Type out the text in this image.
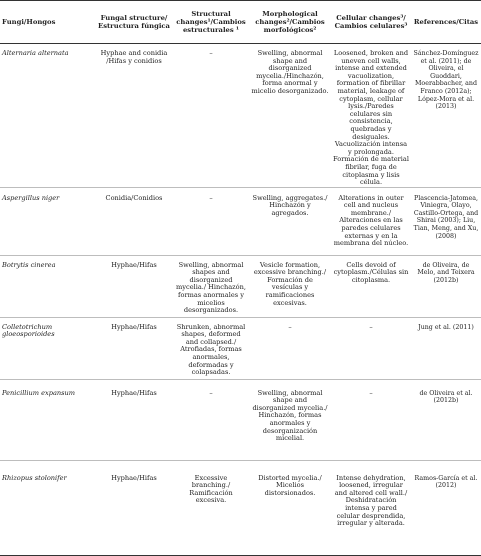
Fungi/Hongos	Fungal structure/ Estructura fúngica	Structural changes¹/Cambios estructurales ¹	Morphological changes²/Cambios morfológicos²	Cellular changes³/ Cambios celulares³	References/Citas
Alternaria alternata	Hyphae and conidia /Hifas y conidios	–	Swelling, abnormal shape and disorganized mycelia./Hinchazón, forma anormal y micelio desorganizado.	Loosened, broken and uneven cell walls, intense and extended vacuolization, formation of fibrillar material, leakage of cytoplasm, cellular lysis./Paredes celulares sin consistencia, quebradas y desiguales. Vacuolización intensa y prolongada. Formación de material fibrilar, fuga de citoplasma y lisis célula.	Sánchez-Domínguez et al. (2011); de Oliveira, el Guoddari, Moerabbacher, and Franco (2012a); López-Mora et al. (2013)
Aspergillus niger	Conidia/Conidios	–	Swelling, aggregates./ Hinchazón y agregados.	Alterations in outer cell and nucleus membrane./ Alteraciones en las paredes celulares externas y en la membrana del núcleo.	Plascencia-Jatomea, Viniegra, Olayo, Castillo-Ortega, and Shirai (2003); Liu, Tian, Meng, and Xu, (2008)
Botrytis cinerea	Hyphae/Hifas	Swelling, abnormal shapes and disorganized mycelia./ Hinchazón, formas anormales y micelios desorganizados.	Vesicle formation, excessive branching./ Formación de vesículas y ramificaciones excesivas.	Cells devoid of cytoplasm./Células sin citoplasma.	de Oliveira, de Melo, and Teixera (2012b)
Colletotrichum gloeosporioides	Hyphae/Hifas	Shrunken, abnormal shapes, deformed and collapsed./ Atrofiadas, formas anormales, deformadas y colapsadas.	–	–	Jung et al. (2011)
Penicillium expansum	Hyphae/Hifas	–	Swelling, abnormal shape and disorganized mycelia./ Hinchazón, formas anormales y desorganización micelial.	–	de Oliveira et al. (2012b)
Rhizopus stolonifer	Hyphae/Hifas	Excessive branching./ Ramificación excesiva.	Distorted mycelia./ Micelios distorsionados.	Intense dehydration, loosened, irregular and altered cell wall./ Deshidratación intensa y pared celular desprendida, irregular y alterada.	Ramos-García et al. (2012)
